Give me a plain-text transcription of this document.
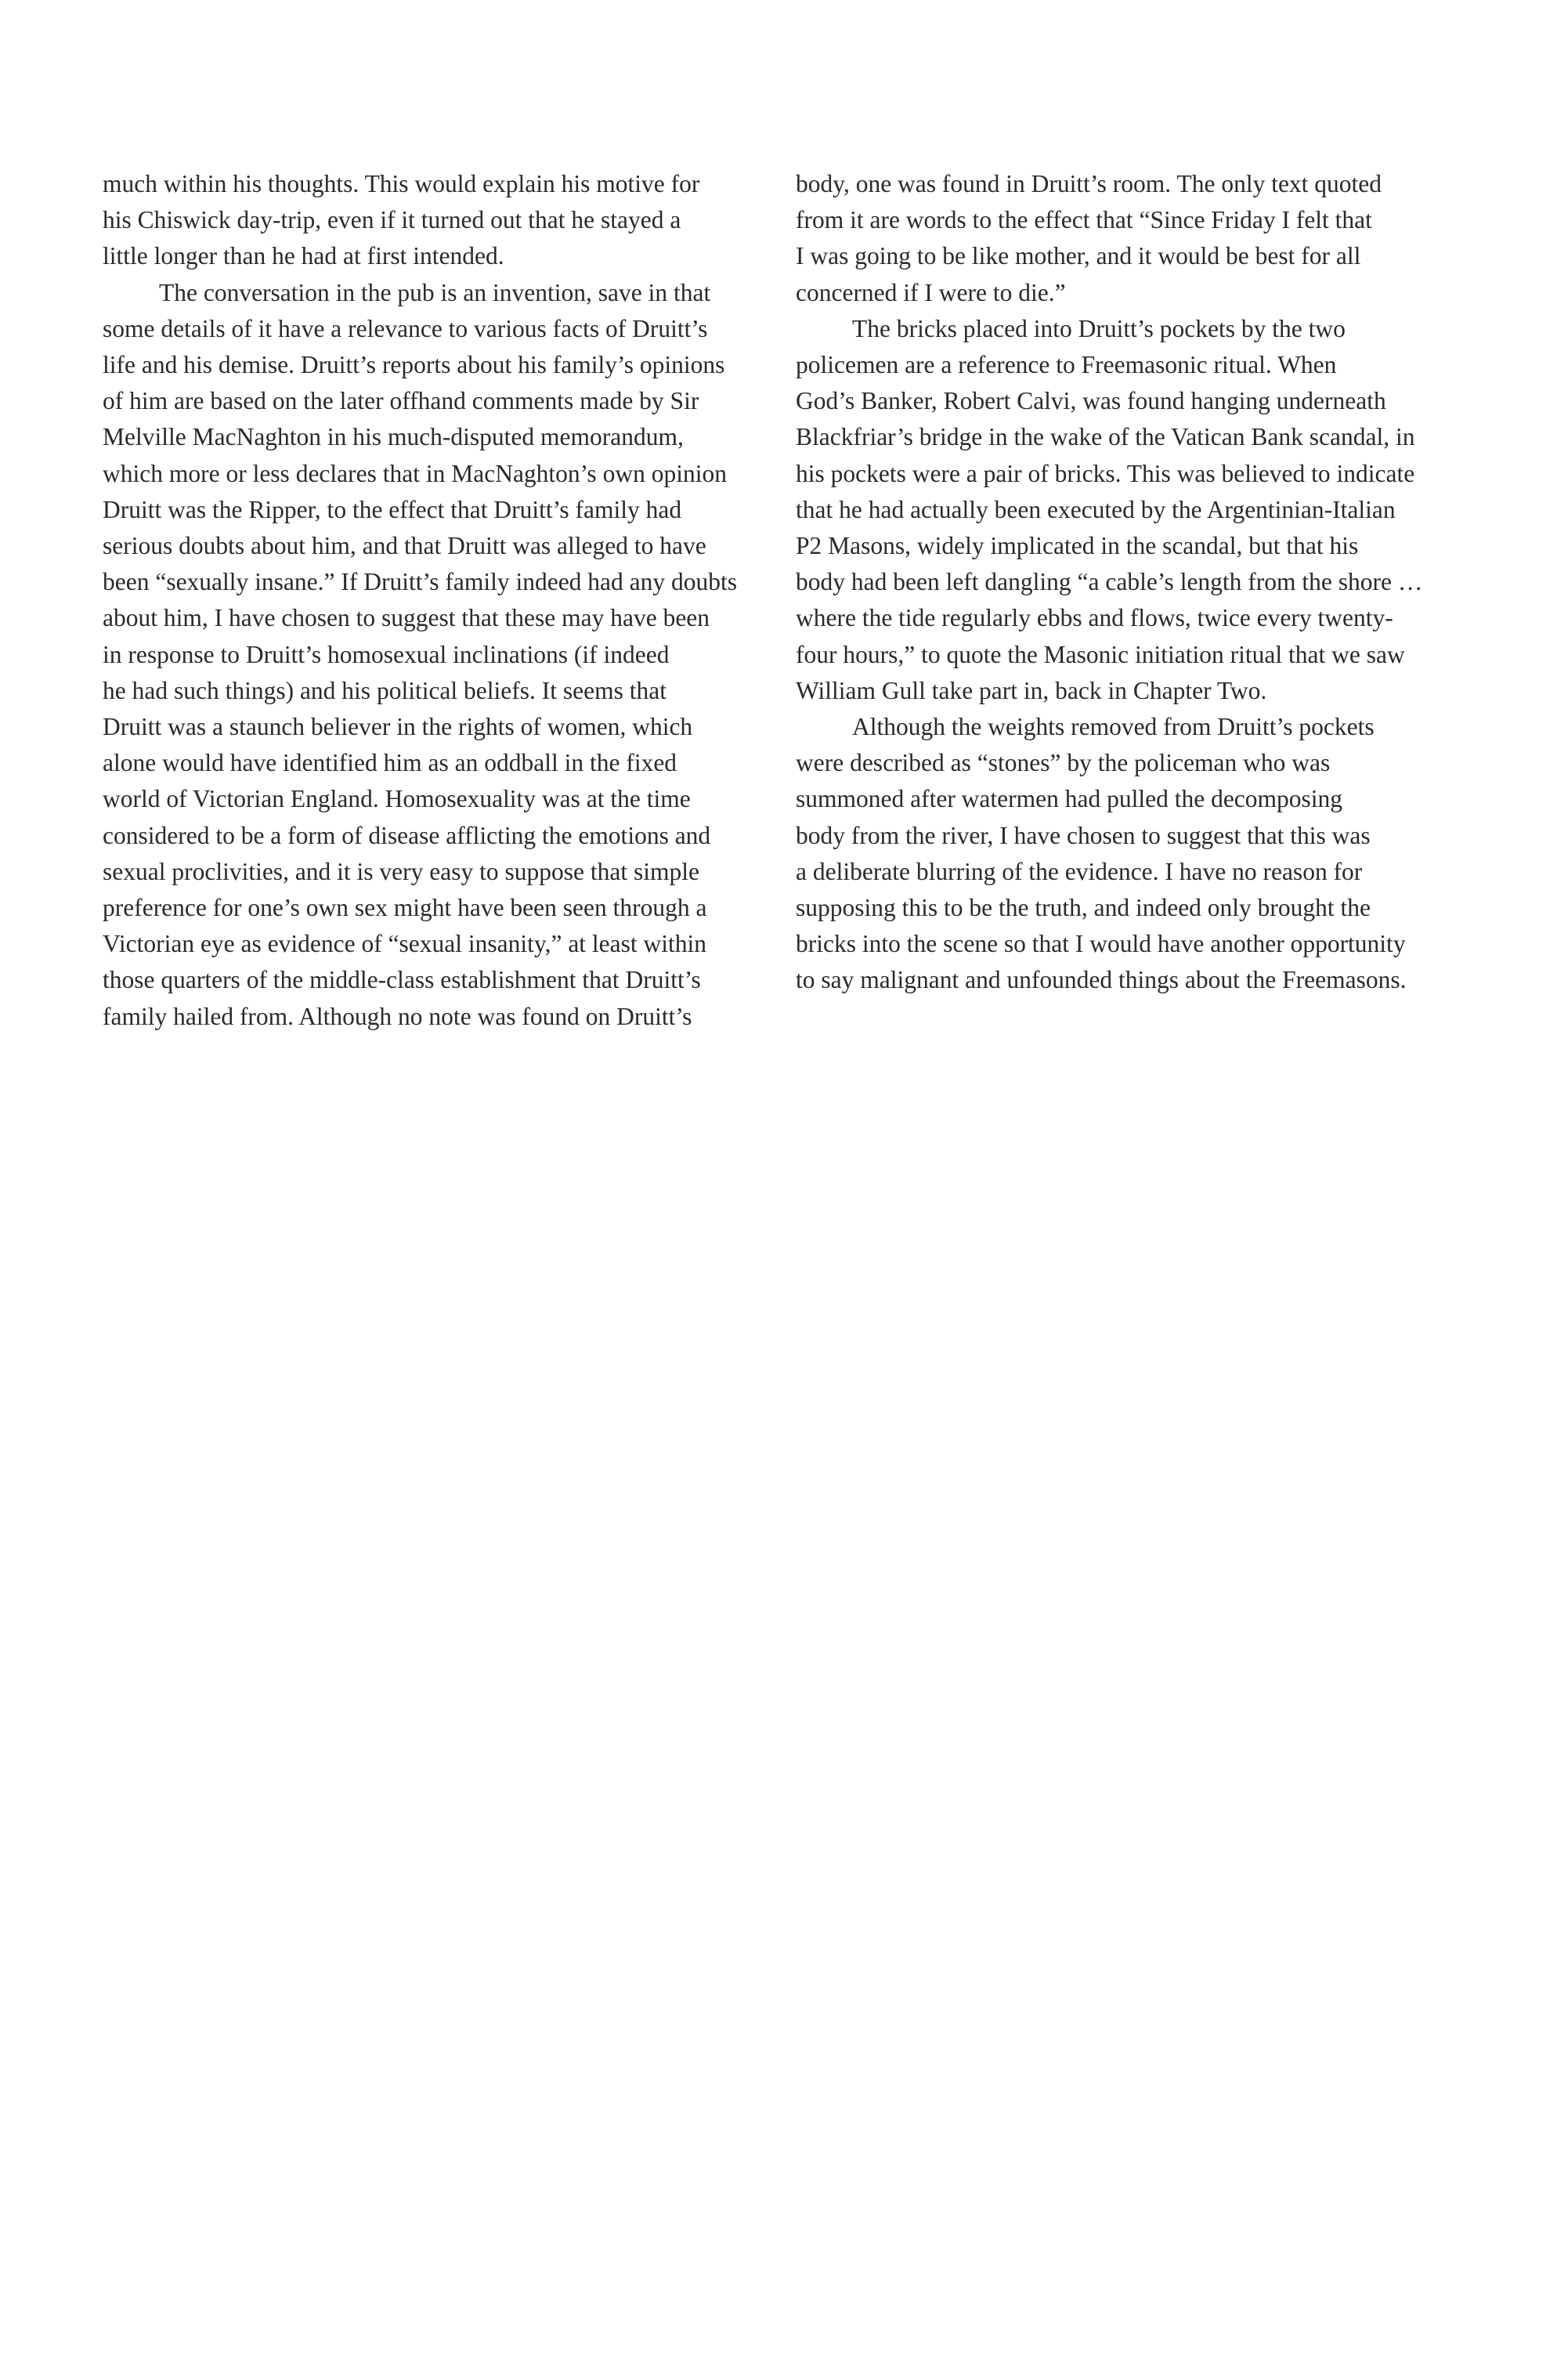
much within his thoughts. This would explain his motive for
his Chiswick day-trip, even if it turned out that he stayed a
little longer than he had at first intended.
The conversation in the pub is an invention, save in that
some details of it have a relevance to various facts of Druitt’s
life and his demise. Druitt’s reports about his family’s opinions
of him are based on the later offhand comments made by Sir
Melville MacNaghton in his much-disputed memorandum,
which more or less declares that in MacNaghton’s own opinion
Druitt was the Ripper, to the effect that Druitt’s family had
serious doubts about him, and that Druitt was alleged to have
been “sexually insane.” If Druitt’s family indeed had any doubts
about him, I have chosen to suggest that these may have been
in response to Druitt’s homosexual inclinations (if indeed
he had such things) and his political beliefs. It seems that
Druitt was a staunch believer in the rights of women, which
alone would have identified him as an oddball in the fixed
world of Victorian England. Homosexuality was at the time
considered to be a form of disease afflicting the emotions and
sexual proclivities, and it is very easy to suppose that simple
preference for one’s own sex might have been seen through a
Victorian eye as evidence of “sexual insanity,” at least within
those quarters of the middle-class establishment that Druitt’s
family hailed from. Although no note was found on Druitt’s
body, one was found in Druitt’s room. The only text quoted
from it are words to the effect that “Since Friday I felt that
I was going to be like mother, and it would be best for all
concerned if I were to die.”
The bricks placed into Druitt’s pockets by the two
policemen are a reference to Freemasonic ritual. When
God’s Banker, Robert Calvi, was found hanging underneath
Blackfriar’s bridge in the wake of the Vatican Bank scandal, in
his pockets were a pair of bricks. This was believed to indicate
that he had actually been executed by the Argentinian-Italian
P2 Masons, widely implicated in the scandal, but that his
body had been left dangling “a cable’s length from the shore …
where the tide regularly ebbs and flows, twice every twenty-
four hours,” to quote the Masonic initiation ritual that we saw
William Gull take part in, back in Chapter Two.
Although the weights removed from Druitt’s pockets
were described as “stones” by the policeman who was
summoned after watermen had pulled the decomposing
body from the river, I have chosen to suggest that this was
a deliberate blurring of the evidence. I have no reason for
supposing this to be the truth, and indeed only brought the
bricks into the scene so that I would have another opportunity
to say malignant and unfounded things about the Freemasons.
